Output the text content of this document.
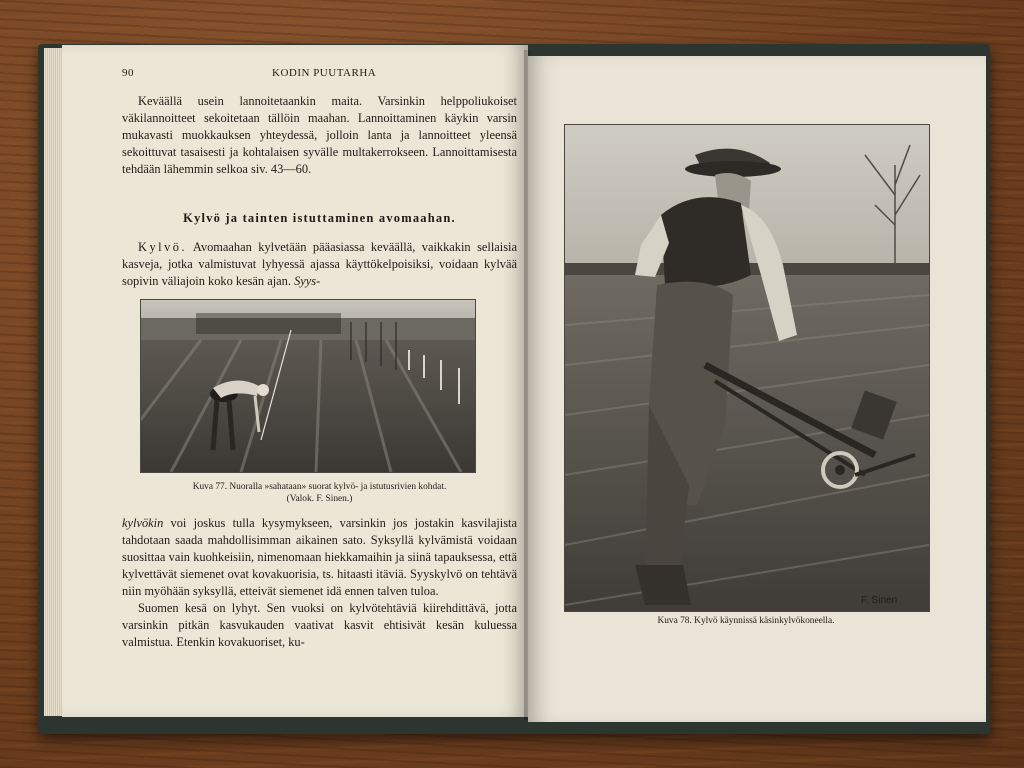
90	KODIN PUUTARHA

Keväällä usein lannoitetaankin maita. Varsinkin helppoliukoiset väkilannoitteet sekoitetaan tällöin maahan. Lannoittaminen käykin varsin mukavasti muokkauksen yhteydessä, jolloin lanta ja lannoitteet yleensä sekoittuvat tasaisesti ja kohtalaisen syvälle multakerrokseen. Lannoittamisesta tehdään lähemmin selkoa siv. 43—60.

Kylvö ja tainten istuttaminen avomaahan.

Kylvö. Avomaahan kylvetään pääasiassa keväällä, vaikkakin sellaisia kasveja, jotka valmistuvat lyhyessä ajassa käyttökelpoisiksi, voidaan kylvää sopivin väliajoin koko kesän ajan. Syys-

Kuva 77. Nuoralla »sahataan» suorat kylvö- ja istutusrivien kohdat.
(Valok. F. Sinen.)

kylvökin voi joskus tulla kysymykseen, varsinkin jos jostakin kasvilajista tahdotaan saada mahdollisimman aikainen sato. Syksyllä kylvämistä voidaan suosittaa vain kuohkeisiin, nimenomaan hiekkamaihin ja siinä tapauksessa, että kylvettävät siemenet ovat kovakuorisia, ts. hitaasti itäviä. Syyskylvö on tehtävä niin myöhään syksyllä, etteivät siemenet idä ennen talven tuloa.

Suomen kesä on lyhyt. Sen vuoksi on kylvötehtäviä kiirehdittävä, jotta varsinkin pitkän kasvukauden vaativat kasvit ehtisivät kesän kuluessa valmistua. Etenkin kovakuoriset, ku-

F. Sinen
Kuva 78. Kylvö käynnissä käsinkylvökoneella.
